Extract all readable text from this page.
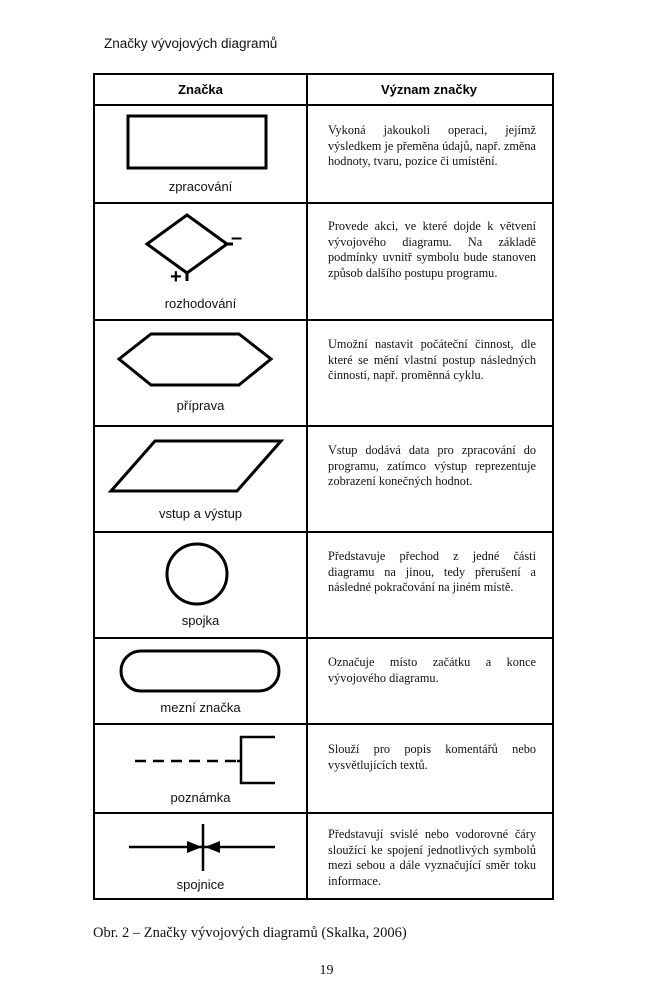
Značky vývojových diagramů
Značka	Význam značky
zpracování
Vykoná jakoukoli operaci, jejímž výsledkem je přeměna údajů, např. změna hodnoty, tvaru, pozice či umístění.
–
+
rozhodování
Provede akci, ve které dojde k větvení vývojového diagramu. Na základě podmínky uvnitř symbolu bude stanoven způsob dalšího postupu programu.
příprava
Umožní nastavit počáteční činnost, dle které se mění vlastní postup následných činností, např. proměnná cyklu.
vstup a výstup
Vstup dodává data pro zpracování do programu, zatímco výstup reprezentuje zobrazení konečných hodnot.
spojka
Představuje přechod z jedné části diagramu na jinou, tedy přerušení a následné pokračování na jiném místě.
mezní značka
Označuje místo začátku a konce vývojového diagramu.
poznámka
Slouží pro popis komentářů nebo vysvětlujících textů.
spojnice
Představují svislé nebo vodorovné čáry sloužící ke spojení jednotlivých symbolů mezi sebou a dále vyznačující směr toku informace.
Obr. 2 – Značky vývojových diagramů (Skalka, 2006)
19
